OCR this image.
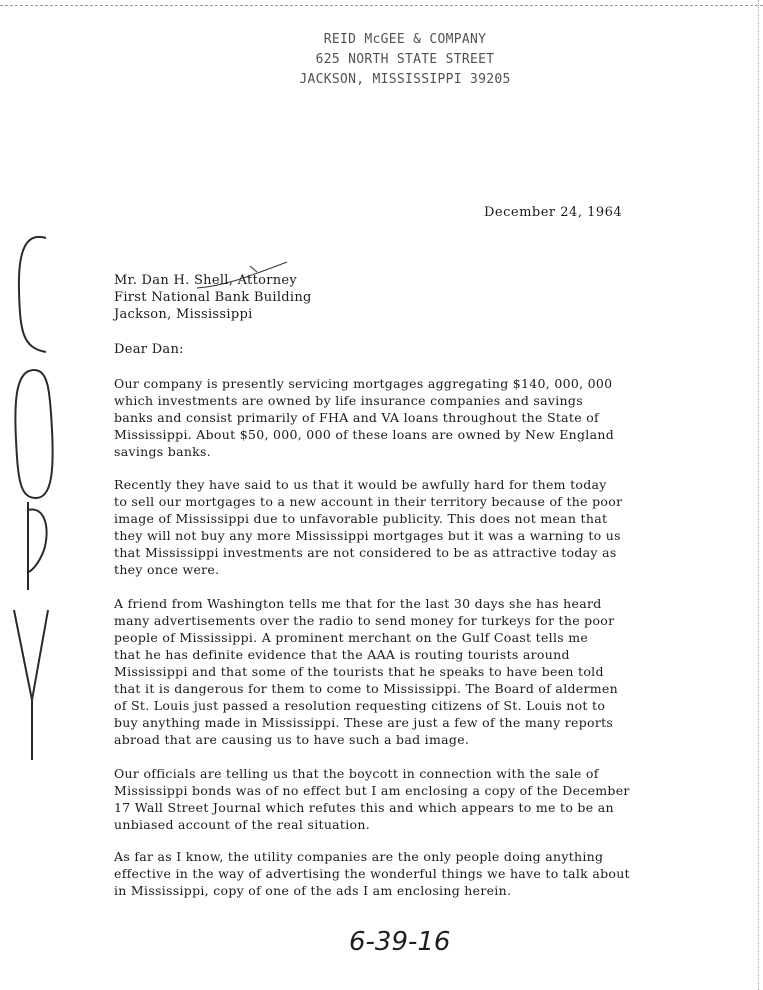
REID McGEE & COMPANY
625 NORTH STATE STREET
JACKSON, MISSISSIPPI 39205
December 24, 1964
Mr. Dan H. Shell, Attorney
First National Bank Building
Jackson, Mississippi
Dear Dan:
Our company is presently servicing mortgages aggregating $140, 000, 000
which investments are owned by life insurance companies and savings
banks and consist primarily of FHA and VA loans throughout the State of
Mississippi. About $50, 000, 000 of these loans are owned by New England
savings banks.
Recently they have said to us that it would be awfully hard for them today
to sell our mortgages to a new account in their territory because of the poor
image of Mississippi due to unfavorable publicity. This does not mean that
they will not buy any more Mississippi mortgages but it was a warning to us
that Mississippi investments are not considered to be as attractive today as
they once were.
A friend from Washington tells me that for the last 30 days she has heard
many advertisements over the radio to send money for turkeys for the poor
people of Mississippi. A prominent merchant on the Gulf Coast tells me
that he has definite evidence that the AAA is routing tourists around
Mississippi and that some of the tourists that he speaks to have been told
that it is dangerous for them to come to Mississippi. The Board of aldermen
of St. Louis just passed a resolution requesting citizens of St. Louis not to
buy anything made in Mississippi. These are just a few of the many reports
abroad that are causing us to have such a bad image.
Our officials are telling us that the boycott in connection with the sale of
Mississippi bonds was of no effect but I am enclosing a copy of the December
17 Wall Street Journal which refutes this and which appears to me to be an
unbiased account of the real situation.
As far as I know, the utility companies are the only people doing anything
effective in the way of advertising the wonderful things we have to talk about
in Mississippi, copy of one of the ads I am enclosing herein.
6-39-16
